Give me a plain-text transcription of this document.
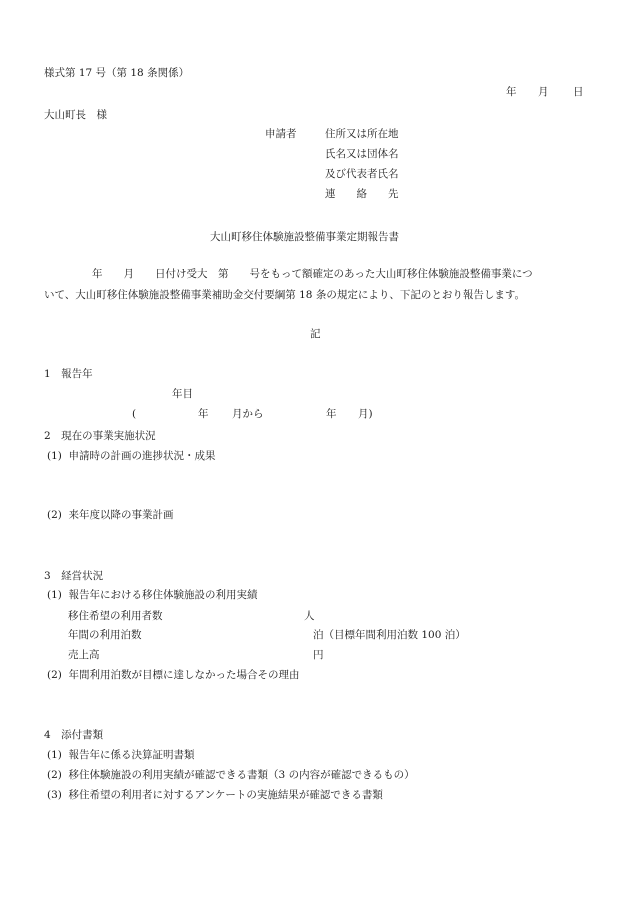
様式第 17 号（第 18 条関係）
年 月 日
大山町長　様
申請者	住所又は所在地
氏名又は団体名
及び代表者氏名
連　　絡　　先
大山町移住体験施設整備事業定期報告書
年　　月　　日付け受大　第　　号をもって額確定のあった大山町移住体験施設整備事業につ
いて、大山町移住体験施設整備事業補助金交付要綱第 18 条の規定により、下記のとおり報告します。
記
1　報告年
年目
(	年 月から	年 月)
2　現在の事業実施状況
(1)  申請時の計画の進捗状況・成果
(2)  来年度以降の事業計画
3　経営状況
(1)  報告年における移住体験施設の利用実績
移住希望の利用者数	人
年間の利用泊数	泊（目標年間利用泊数 100 泊）
売上高	円
(2)  年間利用泊数が目標に達しなかった場合その理由
4　添付書類
(1)  報告年に係る決算証明書類
(2)  移住体験施設の利用実績が確認できる書類（3 の内容が確認できるもの）
(3)  移住希望の利用者に対するアンケートの実施結果が確認できる書類
